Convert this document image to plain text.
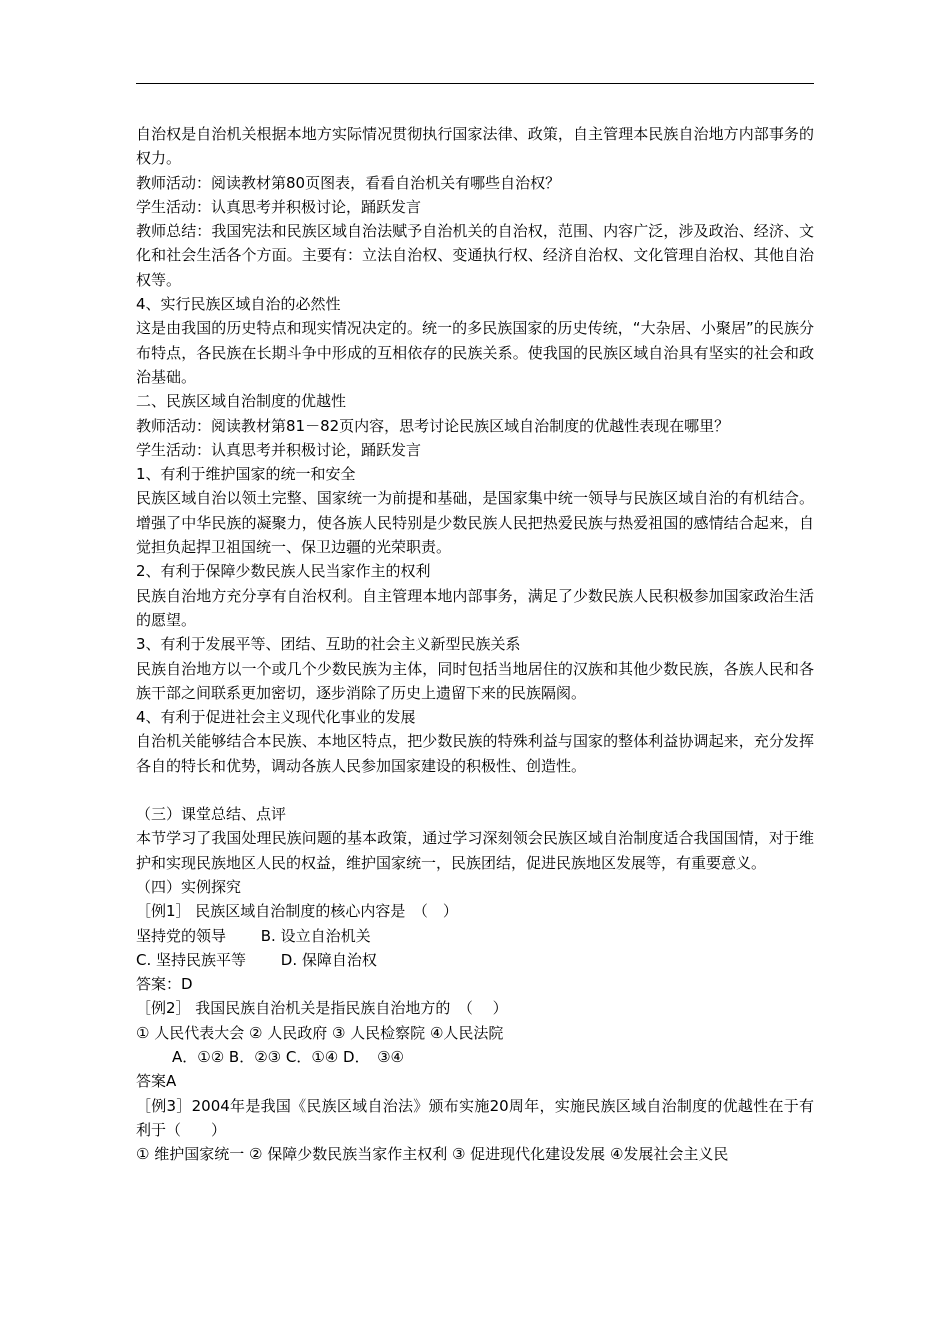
自治权是自治机关根据本地方实际情况贯彻执行国家法律、政策，自主管理本民族自治地方内部事务的权力。

教师活动：阅读教材第80页图表，看看自治机关有哪些自治权？

学生活动：认真思考并积极讨论，踊跃发言

教师总结：我国宪法和民族区域自治法赋予自治机关的自治权，范围、内容广泛，涉及政治、经济、文化和社会生活各个方面。主要有：立法自治权、变通执行权、经济自治权、文化管理自治权、其他自治权等。

4、实行民族区域自治的必然性

这是由我国的历史特点和现实情况决定的。统一的多民族国家的历史传统，“大杂居、小聚居”的民族分布特点，各民族在长期斗争中形成的互相依存的民族关系。使我国的民族区域自治具有坚实的社会和政治基础。

二、民族区域自治制度的优越性

教师活动：阅读教材第81－82页内容，思考讨论民族区域自治制度的优越性表现在哪里？

学生活动：认真思考并积极讨论，踊跃发言

1、有利于维护国家的统一和安全

民族区域自治以领土完整、国家统一为前提和基础，是国家集中统一领导与民族区域自治的有机结合。增强了中华民族的凝聚力，使各族人民特别是少数民族人民把热爱民族与热爱祖国的感情结合起来，自觉担负起捍卫祖国统一、保卫边疆的光荣职责。

2、有利于保障少数民族人民当家作主的权利

民族自治地方充分享有自治权利。自主管理本地内部事务，满足了少数民族人民积极参加国家政治生活的愿望。

3、有利于发展平等、团结、互助的社会主义新型民族关系

民族自治地方以一个或几个少数民族为主体，同时包括当地居住的汉族和其他少数民族，各族人民和各族干部之间联系更加密切，逐步消除了历史上遗留下来的民族隔阂。

4、有利于促进社会主义现代化事业的发展

自治机关能够结合本民族、本地区特点，把少数民族的特殊利益与国家的整体利益协调起来，充分发挥各自的特长和优势，调动各族人民参加国家建设的积极性、创造性。

（三）课堂总结、点评

本节学习了我国处理民族问题的基本政策，通过学习深刻领会民族区域自治制度适合我国国情，对于维护和实现民族地区人民的权益，维护国家统一，民族团结，促进民族地区发展等，有重要意义。

（四）实例探究

［例1］ 民族区域自治制度的核心内容是　（　）

坚持党的领导　　 B. 设立自治机关

C. 坚持民族平等　　 D. 保障自治权

答案：D

［例2］ 我国民族自治机关是指民族自治地方的　（　 ）

① 人民代表大会 ② 人民政府 ③ 人民检察院 ④人民法院

A．①② B．②③ C．①④ D．　③④

答案A

［例3］2004年是我国《民族区域自治法》颁布实施20周年，实施民族区域自治制度的优越性在于有利于（　　）

① 维护国家统一 ② 保障少数民族当家作主权利 ③ 促进现代化建设发展 ④发展社会主义民
